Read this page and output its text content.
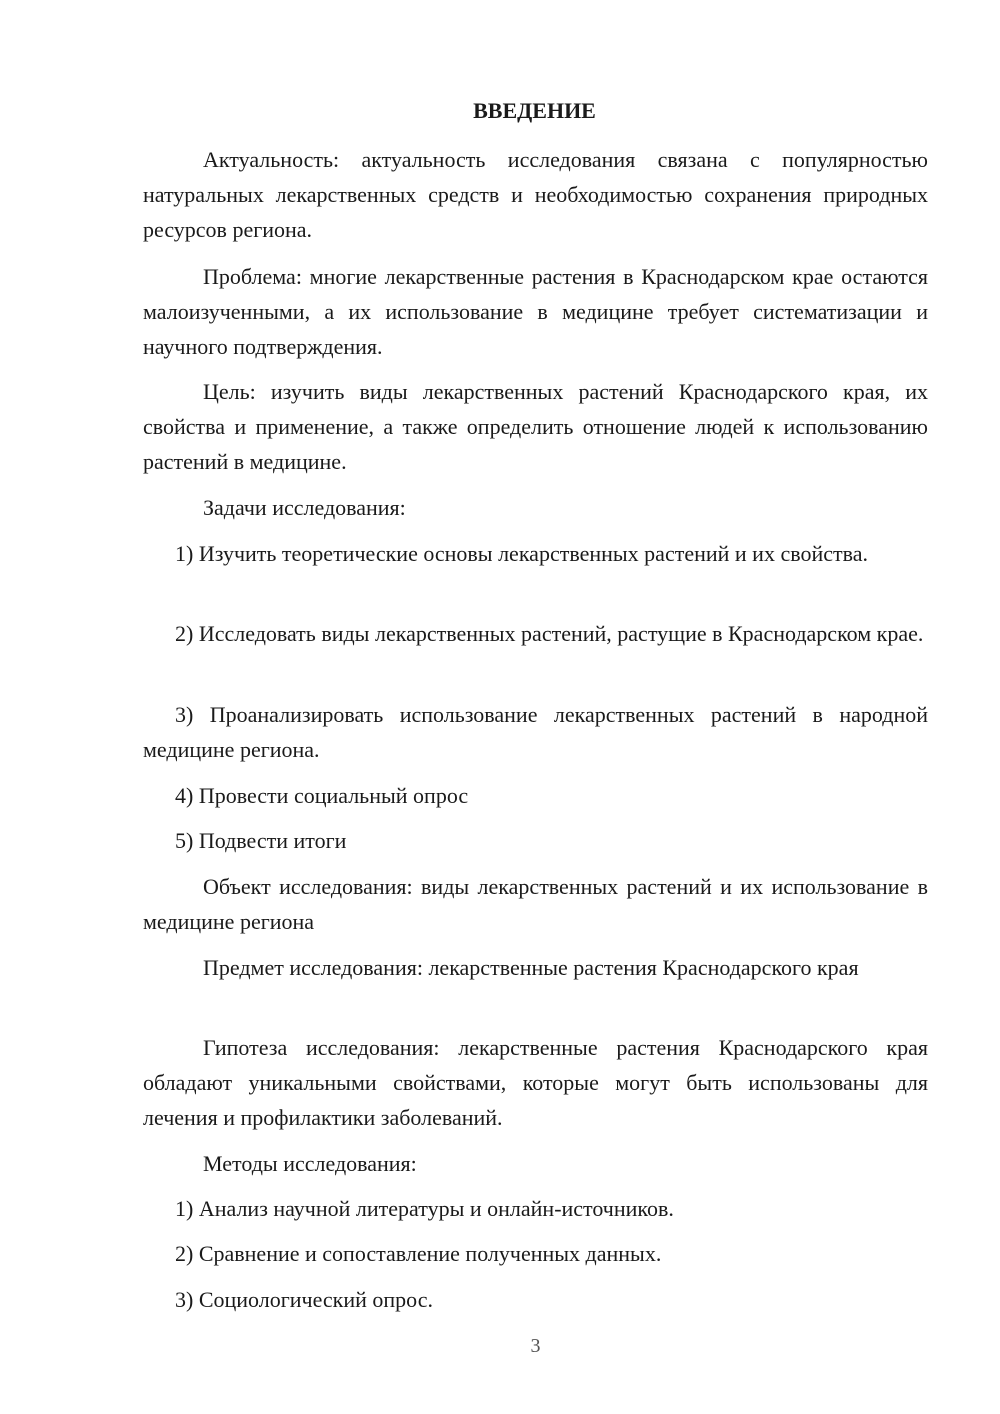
ВВЕДЕНИЕ

Актуальность: актуальность исследования связана с популярностью натуральных лекарственных средств и необходимостью сохранения природных ресурсов региона.

Проблема: многие лекарственные растения в Краснодарском крае остаются малоизученными, а их использование в медицине требует систематизации и научного подтверждения.

Цель: изучить виды лекарственных растений Краснодарского края, их свойства и применение, а также определить отношение людей к использованию растений в медицине.

Задачи исследования:

1) Изучить теоретические основы лекарственных растений и их свойства.

2) Исследовать виды лекарственных растений, растущие в Краснодарском крае.

3) Проанализировать использование лекарственных растений в народной медицине региона.

4) Провести социальный опрос

5) Подвести итоги

Объект исследования: виды лекарственных растений и их использование в медицине региона

Предмет исследования: лекарственные растения Краснодарского края

Гипотеза исследования: лекарственные растения Краснодарского края обладают уникальными свойствами, которые могут быть использованы для лечения и профилактики заболеваний.

Методы исследования:

1) Анализ научной литературы и онлайн-источников.

2) Сравнение и сопоставление полученных данных.

3) Социологический опрос.

3
